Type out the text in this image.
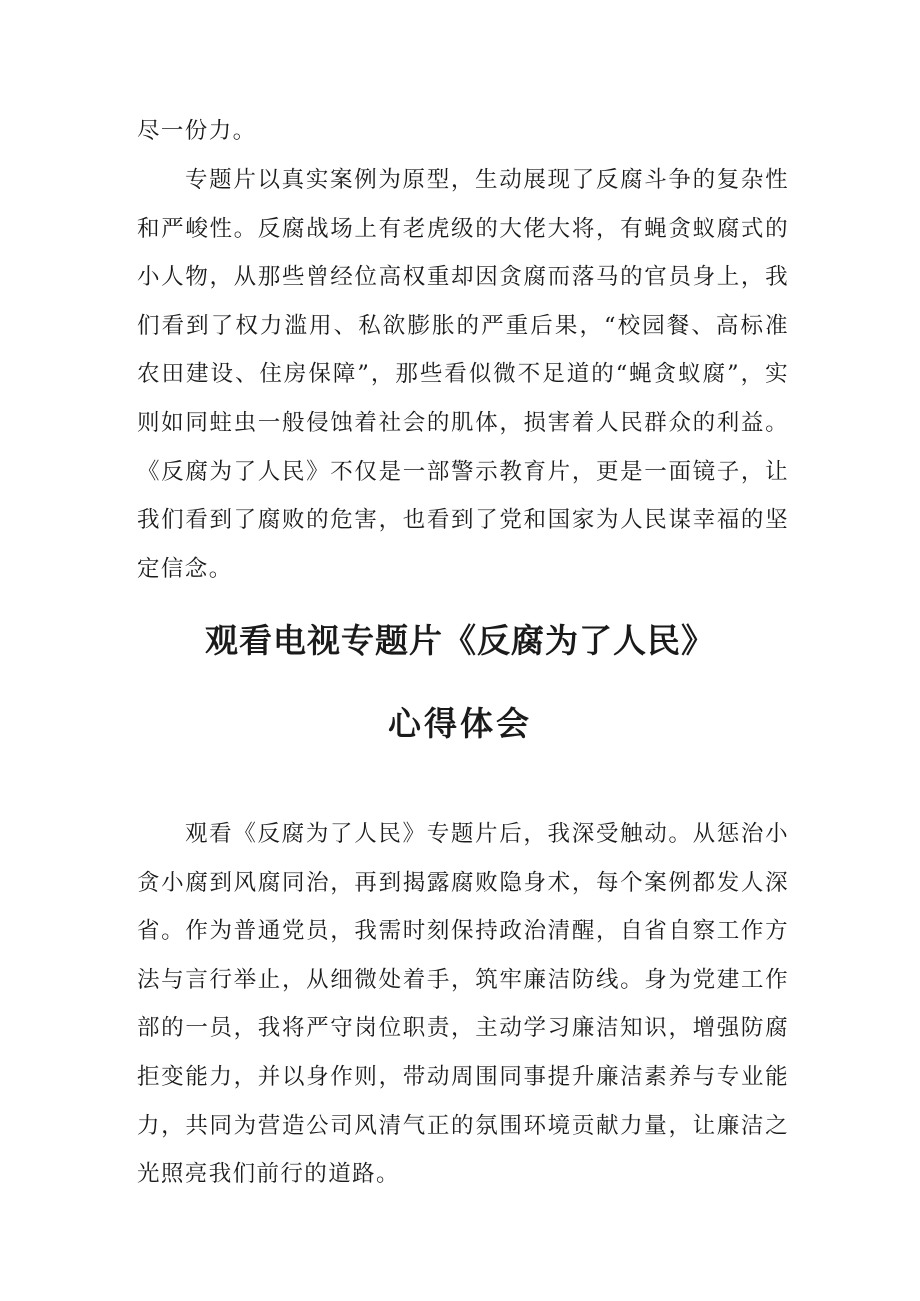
尽一份力。

专题片以真实案例为原型，生动展现了反腐斗争的复杂性和严峻性。反腐战场上有老虎级的大佬大将，有蝇贪蚁腐式的小人物，从那些曾经位高权重却因贪腐而落马的官员身上，我们看到了权力滥用、私欲膨胀的严重后果，“校园餐、高标准农田建设、住房保障”，那些看似微不足道的“蝇贪蚁腐”，实则如同蛀虫一般侵蚀着社会的肌体，损害着人民群众的利益。《反腐为了人民》不仅是一部警示教育片，更是一面镜子，让我们看到了腐败的危害，也看到了党和国家为人民谋幸福的坚定信念。

观看电视专题片《反腐为了人民》
心得体会

观看《反腐为了人民》专题片后，我深受触动。从惩治小贪小腐到风腐同治，再到揭露腐败隐身术，每个案例都发人深省。作为普通党员，我需时刻保持政治清醒，自省自察工作方法与言行举止，从细微处着手，筑牢廉洁防线。身为党建工作部的一员，我将严守岗位职责，主动学习廉洁知识，增强防腐拒变能力，并以身作则，带动周围同事提升廉洁素养与专业能力，共同为营造公司风清气正的氛围环境贡献力量，让廉洁之光照亮我们前行的道路。
